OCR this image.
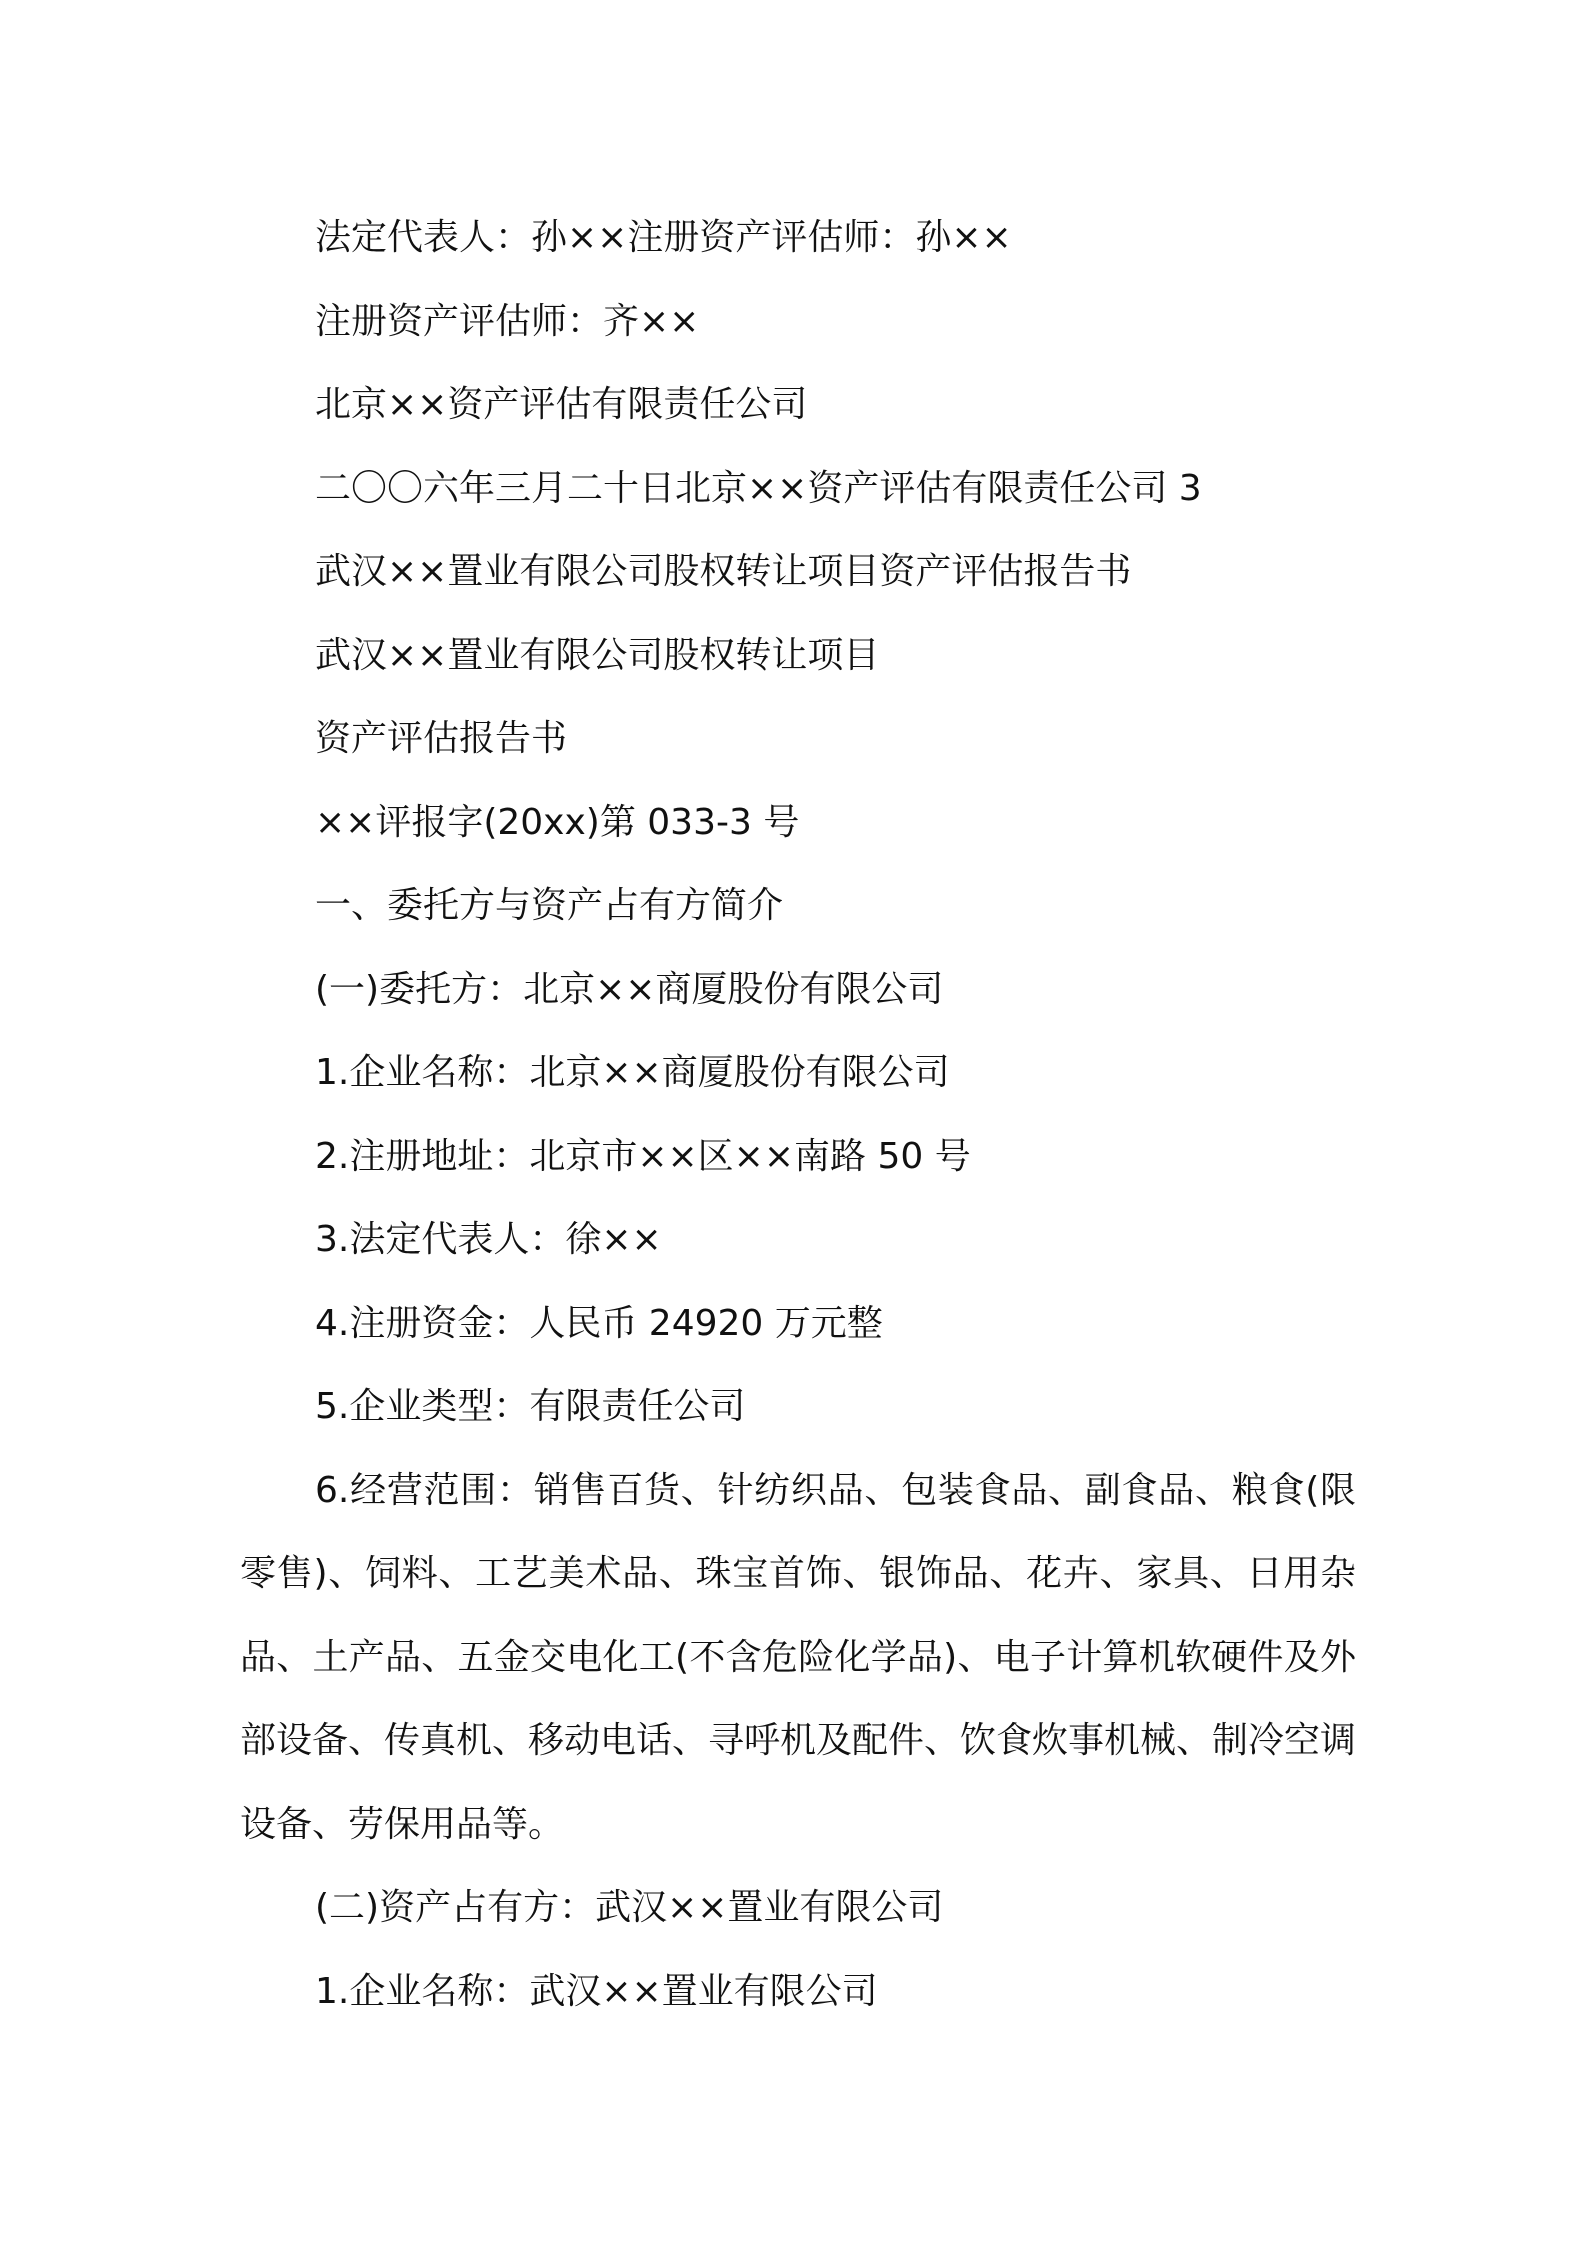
法定代表人：孙××注册资产评估师：孙××

注册资产评估师：齐××

北京××资产评估有限责任公司

二〇〇六年三月二十日北京××资产评估有限责任公司 3

武汉××置业有限公司股权转让项目资产评估报告书

武汉××置业有限公司股权转让项目

资产评估报告书

××评报字(20xx)第 033-3 号

一、委托方与资产占有方简介

(一)委托方：北京××商厦股份有限公司

1.企业名称：北京××商厦股份有限公司

2.注册地址：北京市××区××南路 50 号

3.法定代表人：徐××

4.注册资金：人民币 24920 万元整

5.企业类型：有限责任公司

6.经营范围：销售百货、针纺织品、包装食品、副食品、粮食(限零售)、饲料、工艺美术品、珠宝首饰、银饰品、花卉、家具、日用杂品、土产品、五金交电化工(不含危险化学品)、电子计算机软硬件及外部设备、传真机、移动电话、寻呼机及配件、饮食炊事机械、制冷空调设备、劳保用品等。

(二)资产占有方：武汉××置业有限公司

1.企业名称：武汉××置业有限公司
